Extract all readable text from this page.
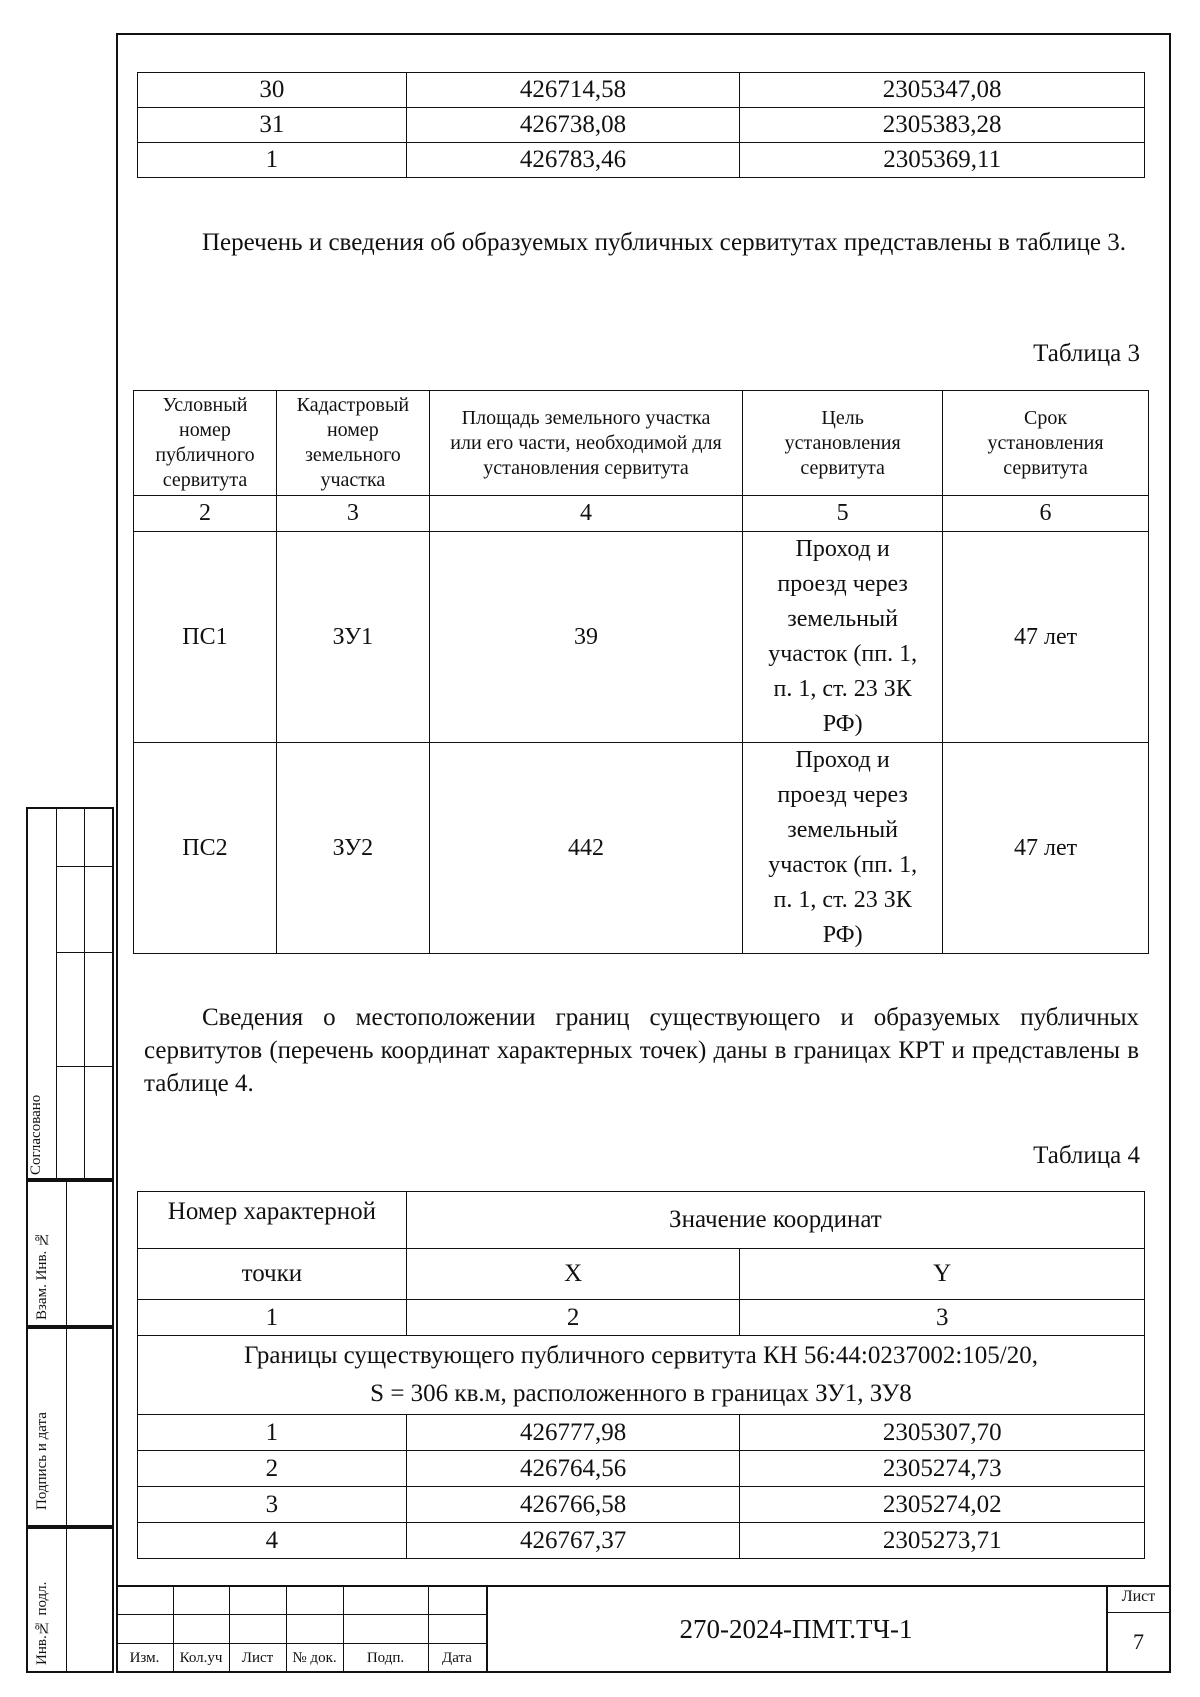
30	426714,58	2305347,08
31	426738,08	2305383,28
1	426783,46	2305369,11

Перечень и сведения об образуемых публичных сервитутах представлены в таблице 3.

Таблица 3
Условный номер публичного сервитута	Кадастровый номер земельного участка	Площадь земельного участка или его части, необходимой для установления сервитута	Цель установления сервитута	Срок установления сервитута
2	3	4	5	6
ПС1	ЗУ1	39	Проход и проезд через земельный участок (пп. 1, п. 1, ст. 23 ЗК РФ)	47 лет
ПС2	ЗУ2	442	Проход и проезд через земельный участок (пп. 1, п. 1, ст. 23 ЗК РФ)	47 лет

Сведения о местоположении границ существующего и образуемых публичных сервитутов (перечень координат характерных точек) даны в границах КРТ и представлены в таблице 4.

Таблица 4
Номер характерной	Значение координат	
точки	X	Y
1	2	3

Границы существующего публичного сервитута КН 56:44:0237002:105/20,
S = 306 кв.м, расположенного в границах ЗУ1, ЗУ8		

1	426777,98	2305307,70
2	426764,56	2305274,73
3	426766,58	2305274,02
4	426767,37	2305273,71
Согласовано
Взам. Инв. №
Подпись и дата
Инв.№ подл.	Изм.	Кол.уч	Лист	№ док.	Подп.	Дата
270-2024-ПМТ.ТЧ-1
Лист
7
